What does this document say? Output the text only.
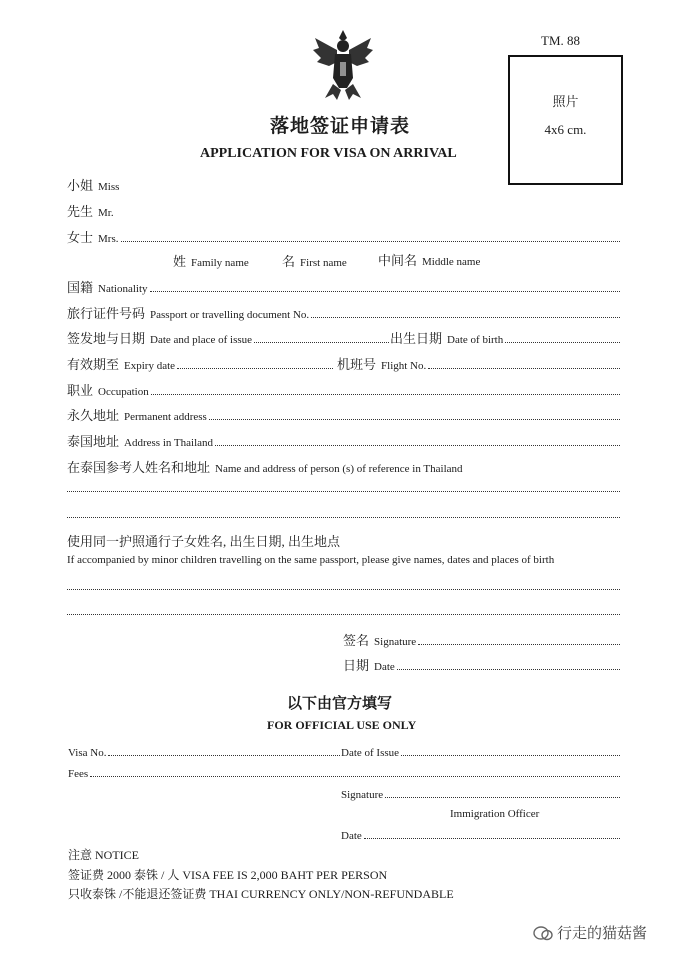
TM. 88
照片
4x6 cm.
落地签证申请表
APPLICATION FOR VISA ON ARRIVAL
小姐 Miss
先生 Mr.
女士 Mrs.
姓 Family name	名 First name 中间名 Middle name
国籍 Nationality
旅行证件号码 Passport or travelling document No.
签发地与日期 Date and place of issue	出生日期 Date of birth
有效期至 Expiry date	机班号 Flight No.
职业 Occupation
永久地址 Permanent address
泰国地址 Address in Thailand
在泰国参考人姓名和地址 Name and address of person (s) of reference in Thailand
使用同一护照通行子女姓名, 出生日期, 出生地点
If accompanied by minor children travelling on the same passport, please give names, dates and places of birth
签名 Signature
日期 Date
以下由官方填写
FOR OFFICIAL USE ONLY
Visa No.	Date of Issue
Fees
Signature
Immigration Officer
Date
注意 NOTICE
签证费 2000 泰铢 / 人 VISA FEE IS 2,000 BAHT PER PERSON
只收泰铢 /不能退还签证费 THAI CURRENCY ONLY/NON-REFUNDABLE
行走的猫菇酱
